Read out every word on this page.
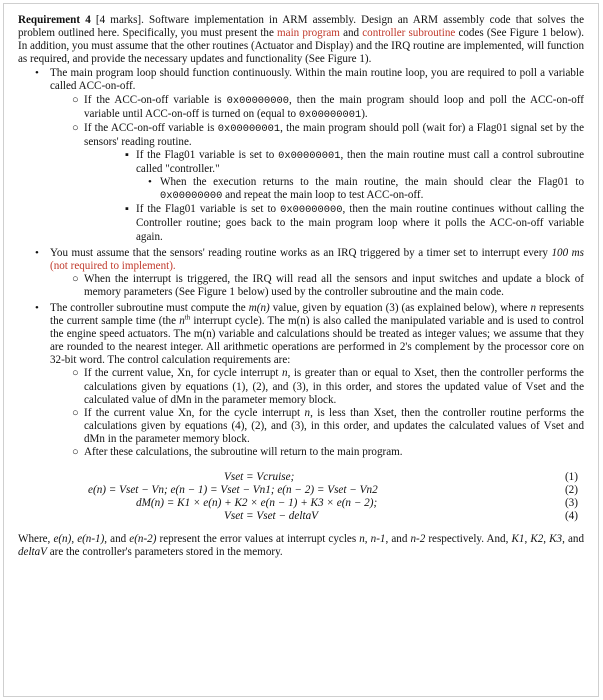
Requirement 4 [4 marks]. Software implementation in ARM assembly. Design an ARM assembly code that solves the problem outlined here. Specifically, you must present the main program and controller subroutine codes (See Figure 1 below). In addition, you must assume that the other routines (Actuator and Display) and the IRQ routine are implemented, will function as required, and provide the necessary updates and functionality (See Figure 1).

• The main program loop should function continuously. Within the main routine loop, you are required to poll a variable called ACC-on-off.
○ If the ACC-on-off variable is 0x00000000, then the main program should loop and poll the ACC-on-off variable until ACC-on-off is turned on (equal to 0x00000001).
○ If the ACC-on-off variable is 0x00000001, the main program should poll (wait for) a Flag01 signal set by the sensors' reading routine.
▪ If the Flag01 variable is set to 0x00000001, then the main routine must call a control subroutine called "controller."
• When the execution returns to the main routine, the main should clear the Flag01 to 0x00000000 and repeat the main loop to test ACC-on-off.
▪ If the Flag01 variable is set to 0x00000000, then the main routine continues without calling the Controller routine; goes back to the main program loop where it polls the ACC-on-off variable again.
• You must assume that the sensors' reading routine works as an IRQ triggered by a timer set to interrupt every 100 ms (not required to implement).
○ When the interrupt is triggered, the IRQ will read all the sensors and input switches and update a block of memory parameters (See Figure 1 below) used by the controller subroutine and the main code.
• The controller subroutine must compute the m(n) value, given by equation (3) (as explained below), where n represents the current sample time (the $n^{th}$ interrupt cycle). The m(n) is also called the manipulated variable and is used to control the engine speed actuators. The m(n) variable and calculations should be treated as integer values; we assume that they are rounded to the nearest integer. All arithmetic operations are performed in 2's complement by the processor core on 32-bit word. The control calculation requirements are:
○ If the current value, Xn, for cycle interrupt n, is greater than or equal to Xset, then the controller performs the calculations given by equations (1), (2), and (3), in this order, and stores the updated value of Vset and the calculated value of dMn in the parameter memory block.
○ If the current value Xn, for the cycle interrupt n, is less than Xset, then the controller routine performs the calculations given by equations (4), (2), and (3), in this order, and updates the calculated values of Vset and dMn in the parameter memory block.
○ After these calculations, the subroutine will return to the main program.
Vset = Vcruise;	(1)
e(n) = Vset − Vn; e(n − 1) = Vset − Vn1; e(n − 2) = Vset − Vn2	(2)
dM(n) = K1 × e(n) + K2 × e(n − 1) + K3 × e(n − 2);	(3)
Vset = Vset − deltaV	(4)

Where, e(n), e(n-1), and e(n-2) represent the error values at interrupt cycles n, n-1, and n-2 respectively. And, K1, K2, K3, and deltaV are the controller's parameters stored in the memory.
